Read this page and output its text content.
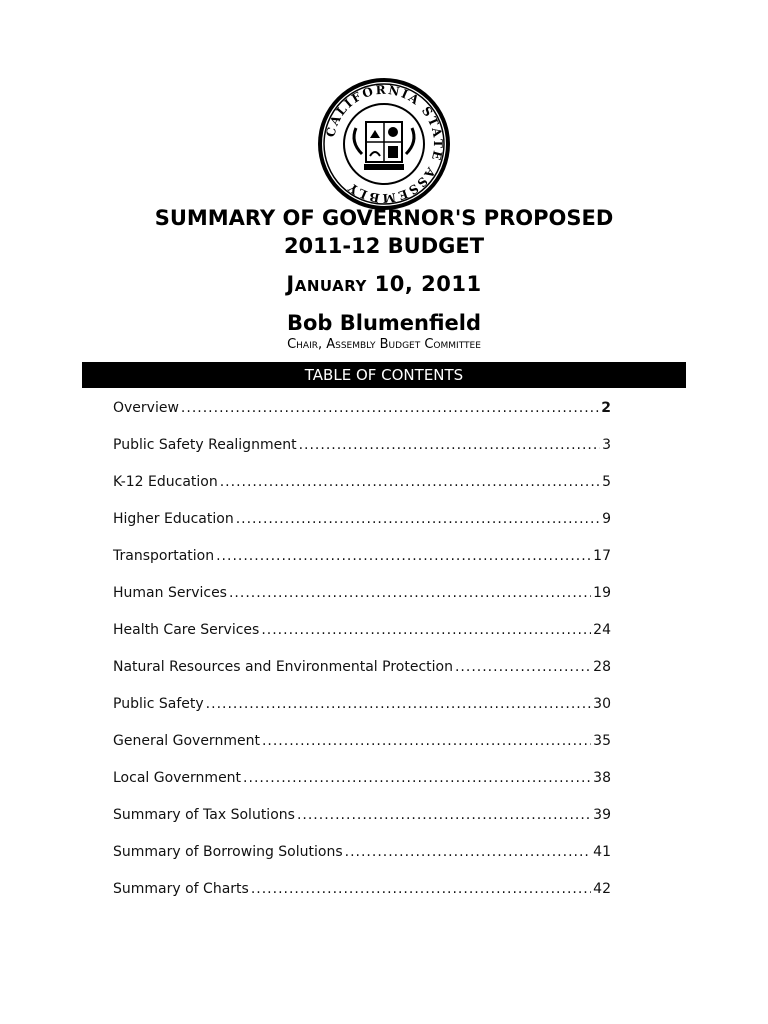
CALIFORNIA STATE ASSEMBLY
SUMMARY OF GOVERNOR'S PROPOSED
2011-12 BUDGET
January 10, 2011
Bob Blumenfield
Chair, Assembly Budget Committee
TABLE OF CONTENTS
Overview .....	2
Public Safety Realignment .....	3
K-12 Education .....	5
Higher Education .....	9
Transportation .....	17
Human Services .....	19
Health Care Services .....	24
Natural Resources and Environmental Protection .....	28
Public Safety .....	30
General Government .....	35
Local Government .....	38
Summary of Tax Solutions .....	39
Summary of Borrowing Solutions .....	41
Summary of Charts .....	42
